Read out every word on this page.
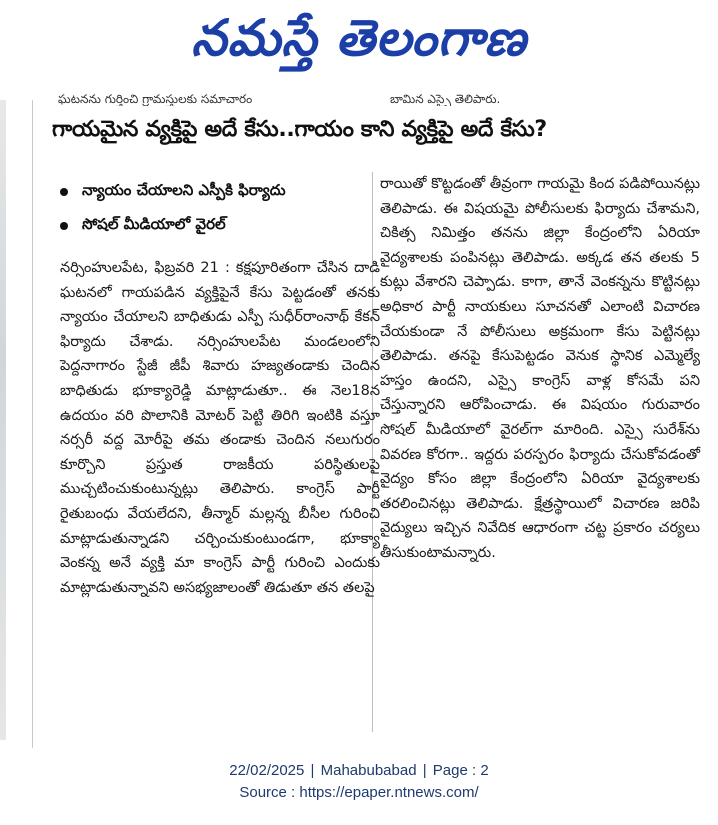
నమస్తే తెలంగాణ
ఘటనను గుర్తించి గ్రామస్తులకు సమాచారం	బామిన ఎస్సై తెలిపారు.
గాయమైన వ్యక్తిపై అదే కేసు..గాయం కాని వ్యక్తిపై అదే కేసు?
న్యాయం చేయాలని ఎస్పీకి ఫిర్యాదు
సోషల్ మీడియాలో వైరల్

నర్సింహులపేట, ఫిబ్రవరి 21 : కక్షపూరితంగా చేసిన దాడి ఘటనలో గాయపడిన వ్యక్తిపైనే కేసు పెట్టడంతో తనకు న్యాయం చేయాలని బాధితుడు ఎస్పీ సుధీర్‌రాంనాథ్ కేకన్ ఫిర్యాదు చేశాడు. నర్సింహులపేట మండలంలోని పెద్దనాగారం స్టేజీ జీపీ శివారు హజ్యతండాకు చెందిన బాధితుడు భూక్యారెడ్డి మాట్లాడుతూ.. ఈ నెల18న ఉదయం వరి పొలానికి మోటర్ పెట్టి తిరిగి ఇంటికి వస్తూ నర్సరీ వద్ద మోరీపై తమ తండాకు చెందిన నలుగురం కూర్చొని ప్రస్తుత రాజకీయ పరిస్థితులపై ముచ్చటించుకుంటున్నట్లు తెలిపారు. కాంగ్రెస్ పార్టీ రైతుబంధు వేయలేదని, తీన్మార్ మల్లన్న బీసీల గురించి మాట్లాడుతున్నాడని చర్చించుకుంటుండగా, భూక్యా వెంకన్న అనే వ్యక్తి మా కాంగ్రెస్ పార్టీ గురించి ఎందుకు మాట్లాడుతున్నావని అసభ్యజాలంతో తిడుతూ తన తలపై

రాయితో కొట్టడంతో తీవ్రంగా గాయమై కింద పడిపోయినట్లు తెలిపాడు. ఈ విషయమై పోలీసులకు ఫిర్యాదు చేశామని, చికిత్స నిమిత్తం తనను జిల్లా కేంద్రంలోని ఏరియా వైద్యశాలకు పంపినట్లు తెలిపాడు. అక్కడ తన తలకు 5 కుట్లు వేశారని చెప్పాడు. కాగా, తానే వెంకన్నను కొట్టినట్లు అధికార పార్టీ నాయకులు సూచనతో ఎలాంటి విచారణ చేయకుండా నే పోలీసులు అక్రమంగా కేసు పెట్టినట్లు తెలిపాడు. తనపై కేసుపెట్టడం వెనుక స్థానిక ఎమ్మెల్యే హస్తం ఉందని, ఎస్సై కాంగ్రెస్ వాళ్ల కోసమే పని చేస్తున్నారని ఆరోపించాడు. ఈ విషయం గురువారం సోషల్ మీడియాలో వైరల్‌గా మారింది. ఎస్సై సురేశ్‌ను వివరణ కోరగా.. ఇద్దరు పరస్పరం ఫిర్యాదు చేసుకోవడంతో వైద్యం కోసం జిల్లా కేంద్రంలోని ఏరియా వైద్యశాలకు తరలించినట్లు తెలిపాడు. క్షేత్రస్థాయిలో విచారణ జరిపి వైద్యులు ఇచ్చిన నివేదిక ఆధారంగా చట్ట ప్రకారం చర్యలు తీసుకుంటామన్నారు.

22/02/2025 | Mahabubabad | Page : 2
Source : https://epaper.ntnews.com/
